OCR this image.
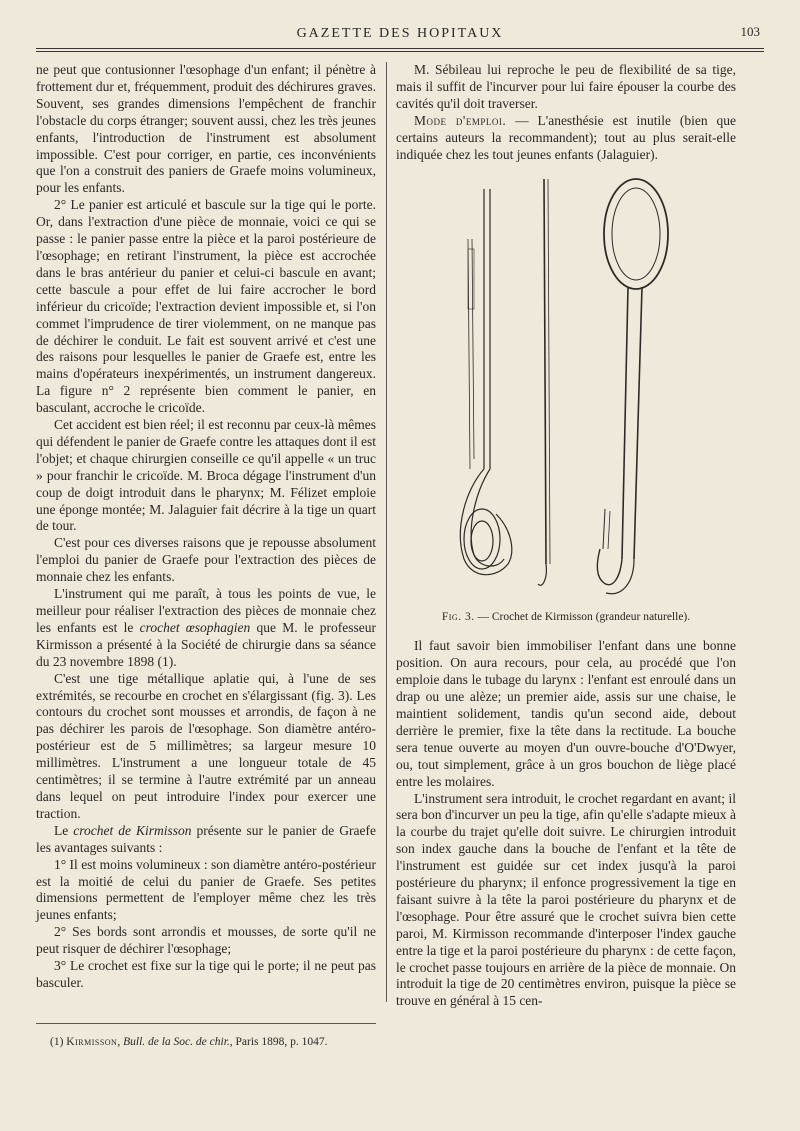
GAZETTE DES HOPITAUX	103

ne peut que contusionner l'œsophage d'un enfant; il pénètre à frottement dur et, fréquemment, produit des déchirures graves. Souvent, ses grandes dimensions l'empêchent de franchir l'obstacle du corps étranger; souvent aussi, chez les très jeunes enfants, l'introduction de l'instrument est absolument impossible. C'est pour corriger, en partie, ces inconvénients que l'on a construit des paniers de Graefe moins volumineux, pour les enfants.

2° Le panier est articulé et bascule sur la tige qui le porte. Or, dans l'extraction d'une pièce de monnaie, voici ce qui se passe : le panier passe entre la pièce et la paroi postérieure de l'œsophage; en retirant l'instrument, la pièce est accrochée dans le bras antérieur du panier et celui-ci bascule en avant; cette bascule a pour effet de lui faire accrocher le bord inférieur du cricoïde; l'extraction devient impossible et, si l'on commet l'imprudence de tirer violemment, on ne manque pas de déchirer le conduit. Le fait est souvent arrivé et c'est une des raisons pour lesquelles le panier de Graefe est, entre les mains d'opérateurs inexpérimentés, un instrument dangereux. La figure n° 2 représente bien comment le panier, en basculant, accroche le cricoïde.

Cet accident est bien réel; il est reconnu par ceux-là mêmes qui défendent le panier de Graefe contre les attaques dont il est l'objet; et chaque chirurgien conseille ce qu'il appelle « un truc » pour franchir le cricoïde. M. Broca dégage l'instrument d'un coup de doigt introduit dans le pharynx; M. Félizet emploie une éponge montée; M. Jalaguier fait décrire à la tige un quart de tour.

C'est pour ces diverses raisons que je repousse absolument l'emploi du panier de Graefe pour l'extraction des pièces de monnaie chez les enfants.

L'instrument qui me paraît, à tous les points de vue, le meilleur pour réaliser l'extraction des pièces de monnaie chez les enfants est le crochet œsophagien que M. le professeur Kirmisson a présenté à la Société de chirurgie dans sa séance du 23 novembre 1898 (1).

C'est une tige métallique aplatie qui, à l'une de ses extrémités, se recourbe en crochet en s'élargissant (fig. 3). Les contours du crochet sont mousses et arrondis, de façon à ne pas déchirer les parois de l'œsophage. Son diamètre antéro-postérieur est de 5 millimètres; sa largeur mesure 10 millimètres. L'instrument a une longueur totale de 45 centimètres; il se termine à l'autre extrémité par un anneau dans lequel on peut introduire l'index pour exercer une traction.

Le crochet de Kirmisson présente sur le panier de Graefe les avantages suivants :

1° Il est moins volumineux : son diamètre antéro-postérieur est la moitié de celui du panier de Graefe. Ses petites dimensions permettent de l'employer même chez les très jeunes enfants;

2° Ses bords sont arrondis et mousses, de sorte qu'il ne peut risquer de déchirer l'œsophage;

3° Le crochet est fixe sur la tige qui le porte; il ne peut pas basculer.

(1) Kirmisson, Bull. de la Soc. de chir., Paris 1898, p. 1047.

M. Sébileau lui reproche le peu de flexibilité de sa tige, mais il suffit de l'incurver pour lui faire épouser la courbe des cavités qu'il doit traverser.

Mode d'emploi. — L'anesthésie est inutile (bien que certains auteurs la recommandent); tout au plus serait-elle indiquée chez les tout jeunes enfants (Jalaguier).

Fig. 3. — Crochet de Kirmisson (grandeur naturelle).

Il faut savoir bien immobiliser l'enfant dans une bonne position. On aura recours, pour cela, au procédé que l'on emploie dans le tubage du larynx : l'enfant est enroulé dans un drap ou une alèze; un premier aide, assis sur une chaise, le maintient solidement, tandis qu'un second aide, debout derrière le premier, fixe la tête dans la rectitude. La bouche sera tenue ouverte au moyen d'un ouvre-bouche d'O'Dwyer, ou, tout simplement, grâce à un gros bouchon de liège placé entre les molaires.

L'instrument sera introduit, le crochet regardant en avant; il sera bon d'incurver un peu la tige, afin qu'elle s'adapte mieux à la courbe du trajet qu'elle doit suivre. Le chirurgien introduit son index gauche dans la bouche de l'enfant et la tête de l'instrument est guidée sur cet index jusqu'à la paroi postérieure du pharynx; il enfonce progressivement la tige en faisant suivre à la tête la paroi postérieure du pharynx et de l'œsophage. Pour être assuré que le crochet suivra bien cette paroi, M. Kirmisson recommande d'interposer l'index gauche entre la tige et la paroi postérieure du pharynx : de cette façon, le crochet passe toujours en arrière de la pièce de monnaie. On introduit la tige de 20 centimètres environ, puisque la pièce se trouve en général à 15 cen-
